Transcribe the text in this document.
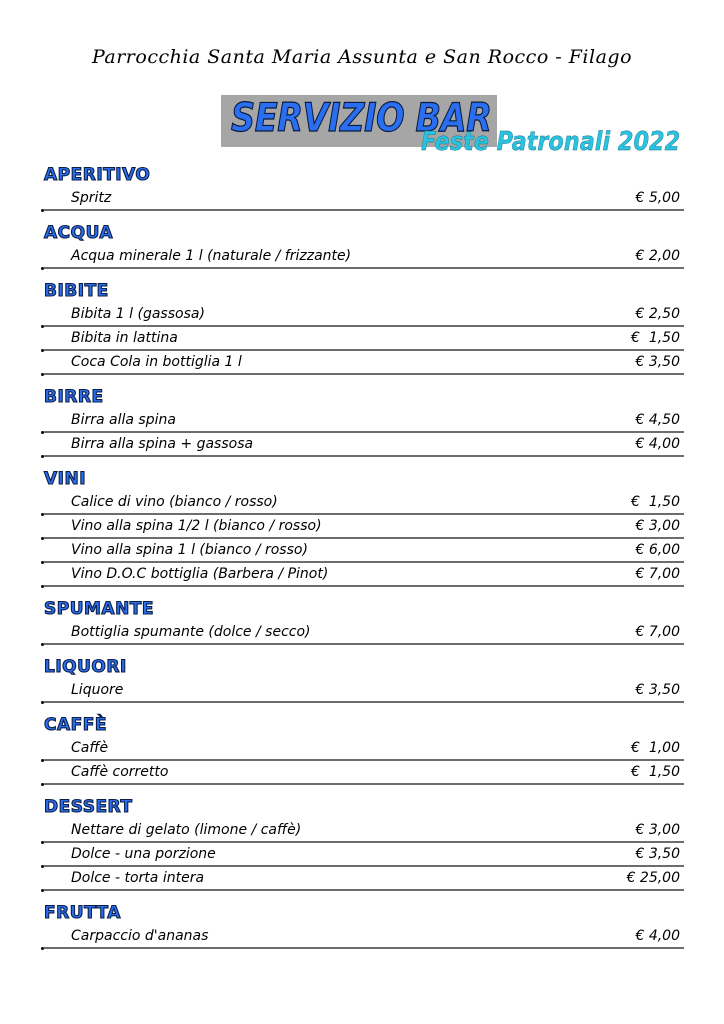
Parrocchia Santa Maria Assunta e San Rocco - Filago
SERVIZIO BAR
Feste Patronali 2022
APERITIVO
Spritz	€ 5,00
ACQUA
Acqua minerale 1 l (naturale / frizzante)	€ 2,00
BIBITE
Bibita 1 l (gassosa)	€ 2,50
Bibita in lattina	€  1,50
Coca Cola in bottiglia 1 l	€ 3,50
BIRRE
Birra alla spina	€ 4,50
Birra alla spina + gassosa	€ 4,00
VINI
Calice di vino (bianco / rosso)	€  1,50
Vino alla spina 1/2 l (bianco / rosso)	€ 3,00
Vino alla spina 1 l (bianco / rosso)	€ 6,00
Vino D.O.C bottiglia (Barbera / Pinot)	€ 7,00
SPUMANTE
Bottiglia spumante (dolce / secco)	€ 7,00
LIQUORI
Liquore	€ 3,50
CAFFÈ
Caffè	€  1,00
Caffè corretto	€  1,50
DESSERT
Nettare di gelato (limone / caffè)	€ 3,00
Dolce - una porzione	€ 3,50
Dolce - torta intera	€ 25,00
FRUTTA
Carpaccio d'ananas	€ 4,00
